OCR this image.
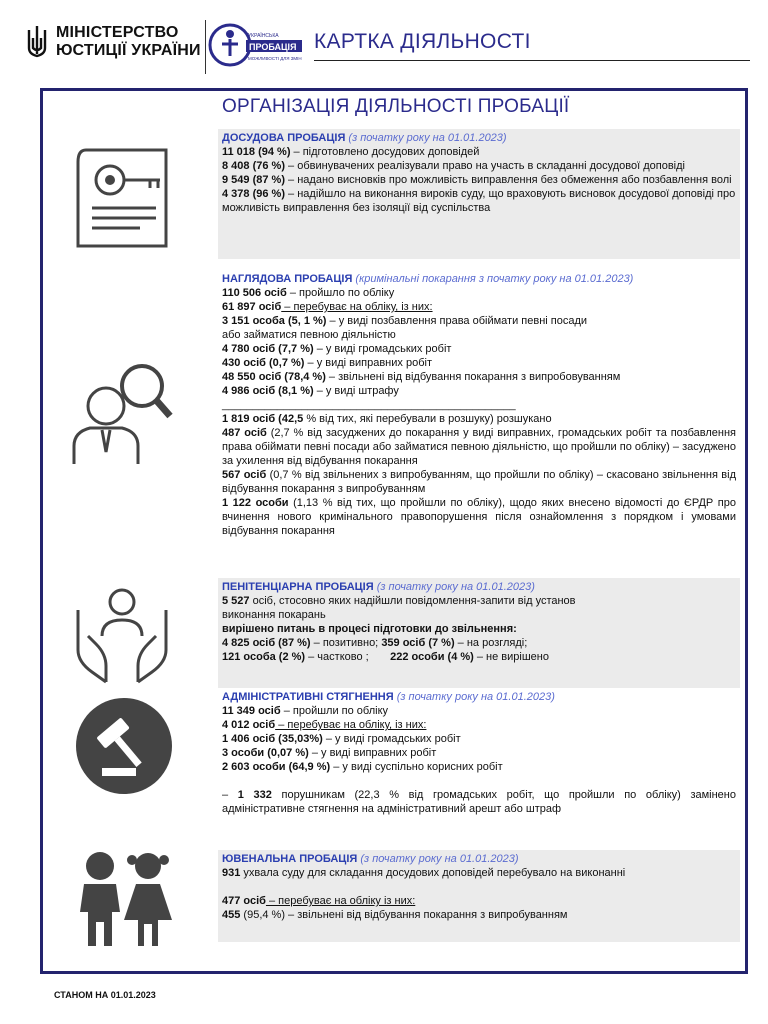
МІНІСТЕРСТВО
ЮСТИЦІЇ УКРАЇНИ
УКРАЇНСЬКА
ПРОБАЦІЯ
МОЖЛИВОСТІ ДЛЯ ЗМІН
КАРТКА ДІЯЛЬНОСТІ
ОРГАНІЗАЦІЯ ДІЯЛЬНОСТІ ПРОБАЦІЇ
ДОСУДОВА ПРОБАЦІЯ (з початку року на 01.01.2023)
11 018 (94 %) – підготовлено досудових доповідей
8 408 (76 %) – обвинувачених реалізували право на участь в складанні досудової доповіді
9 549 (87 %) – надано висновків про можливість виправлення без обмеження або позбавлення волі
4 378 (96 %) – надійшло на виконання вироків суду, що враховують висновок досудової доповіді про можливість виправлення без ізоляції від суспільства
НАГЛЯДОВА ПРОБАЦІЯ (кримінальні покарання з початку року на 01.01.2023)
110 506 осіб – пройшло по обліку
61 897 осіб – перебуває на обліку, із них:
3 151 особа (5, 1 %) – у виді позбавлення права обіймати певні посади
або займатися певною діяльністю
4 780 осіб (7,7 %) – у виді громадських робіт
430 осіб (0,7 %) – у виді виправних робіт
48 550 осіб (78,4 %) – звільнені від відбування покарання з випробовуванням
4 986 осіб (8,1 %) – у виді штрафу
________________________________________________
1 819 осіб (42,5 % від тих, які перебували в розшуку) розшукано
487 осіб (2,7 % від засуджених до покарання у виді виправних, громадських робіт та позбавлення права обіймати певні посади або займатися певною діяльністю, що пройшли по обліку) – засуджено за ухилення від відбування покарання
567 осіб (0,7 % від звільнених з випробуванням, що пройшли по обліку) – скасовано звільнення від відбування покарання з випробуванням
1 122 особи (1,13 % від тих, що пройшли по обліку), щодо яких внесено відомості до ЄРДР про вчинення нового кримінального правопорушення після ознайомлення з порядком і умовами відбування покарання
ПЕНІТЕНЦІАРНА ПРОБАЦІЯ (з початку року на 01.01.2023)
5 527 осіб, стосовно яких надійшли повідомлення-запити від установ
виконання покарань
вирішено питань в процесі підготовки до звільнення:
4 825 осіб (87 %) – позитивно; 359 осіб (7 %) – на розгляді;
121 особа (2 %) – частково ; 222 особи (4 %) – не вирішено
АДМІНІСТРАТИВНІ СТЯГНЕННЯ (з початку року на 01.01.2023)
11 349 осіб – пройшли по обліку
4 012 осіб – перебуває на обліку, із них:
1 406 осіб (35,03%) – у виді громадських робіт
3 особи (0,07 %) – у виді виправних робіт
2 603 особи (64,9 %) – у виді суспільно корисних робіт

– 1 332 порушникам (22,3 % від громадських робіт, що пройшли по обліку) замінено адміністративне стягнення на адміністративний арешт або штраф
ЮВЕНАЛЬНА ПРОБАЦІЯ (з початку року на 01.01.2023)
931 ухвала суду для складання досудових доповідей перебувало на виконанні

477 осіб – перебуває на обліку із них:
455 (95,4 %) – звільнені від відбування покарання з випробуванням
СТАНОМ НА 01.01.2023
